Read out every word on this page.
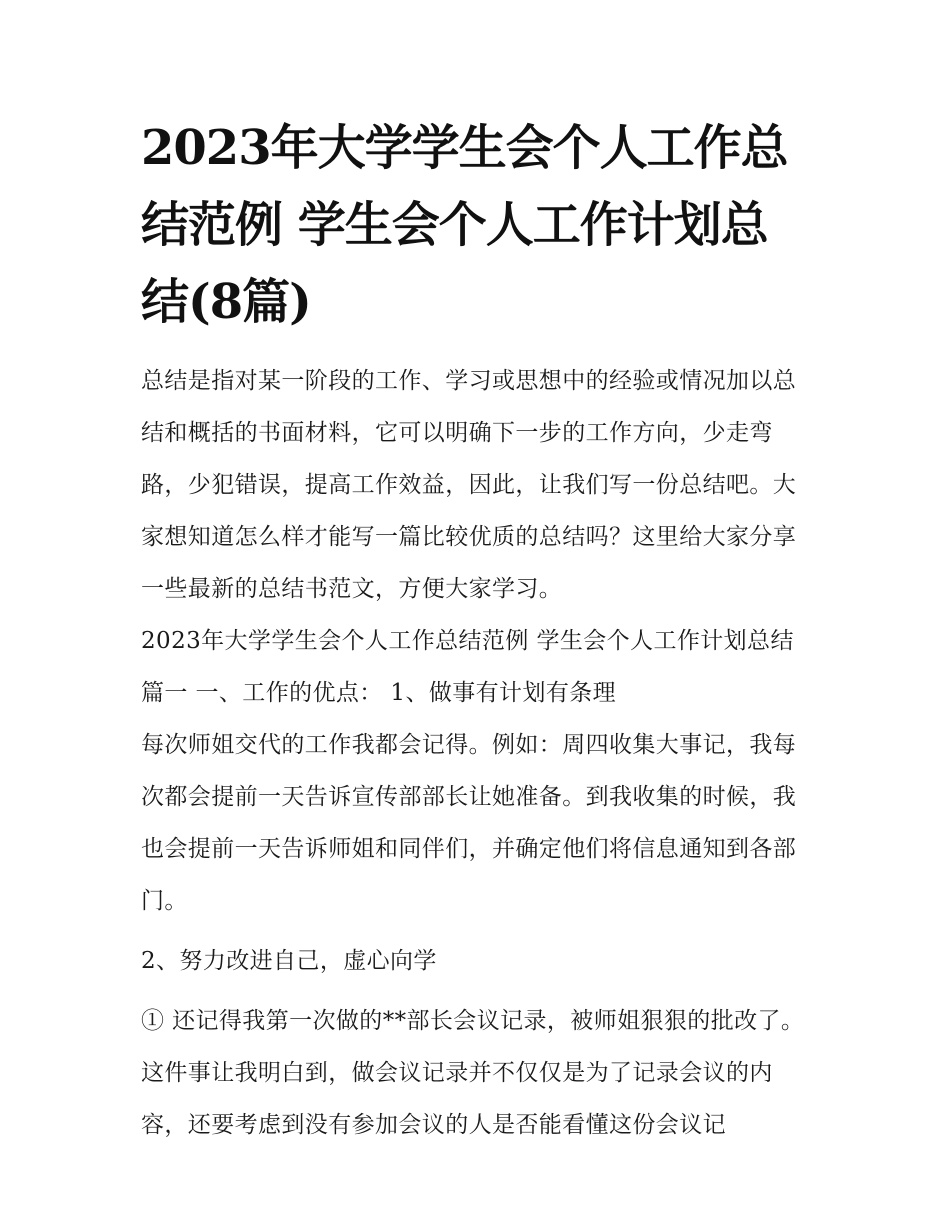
2023年大学学生会个人工作总结范例 学生会个人工作计划总结(8篇)

总结是指对某一阶段的工作、学习或思想中的经验或情况加以总结和概括的书面材料，它可以明确下一步的工作方向，少走弯路，少犯错误，提高工作效益，因此，让我们写一份总结吧。大家想知道怎么样才能写一篇比较优质的总结吗？这里给大家分享一些最新的总结书范文，方便大家学习。

2023年大学学生会个人工作总结范例 学生会个人工作计划总结篇一 一、工作的优点： 1、做事有计划有条理

每次师姐交代的工作我都会记得。例如：周四收集大事记，我每次都会提前一天告诉宣传部部长让她准备。到我收集的时候，我也会提前一天告诉师姐和同伴们，并确定他们将信息通知到各部门。

2、努力改进自己，虚心向学

① 还记得我第一次做的**部长会议记录，被师姐狠狠的批改了。这件事让我明白到，做会议记录并不仅仅是为了记录会议的内容，还要考虑到没有参加会议的人是否能看懂这份会议记
